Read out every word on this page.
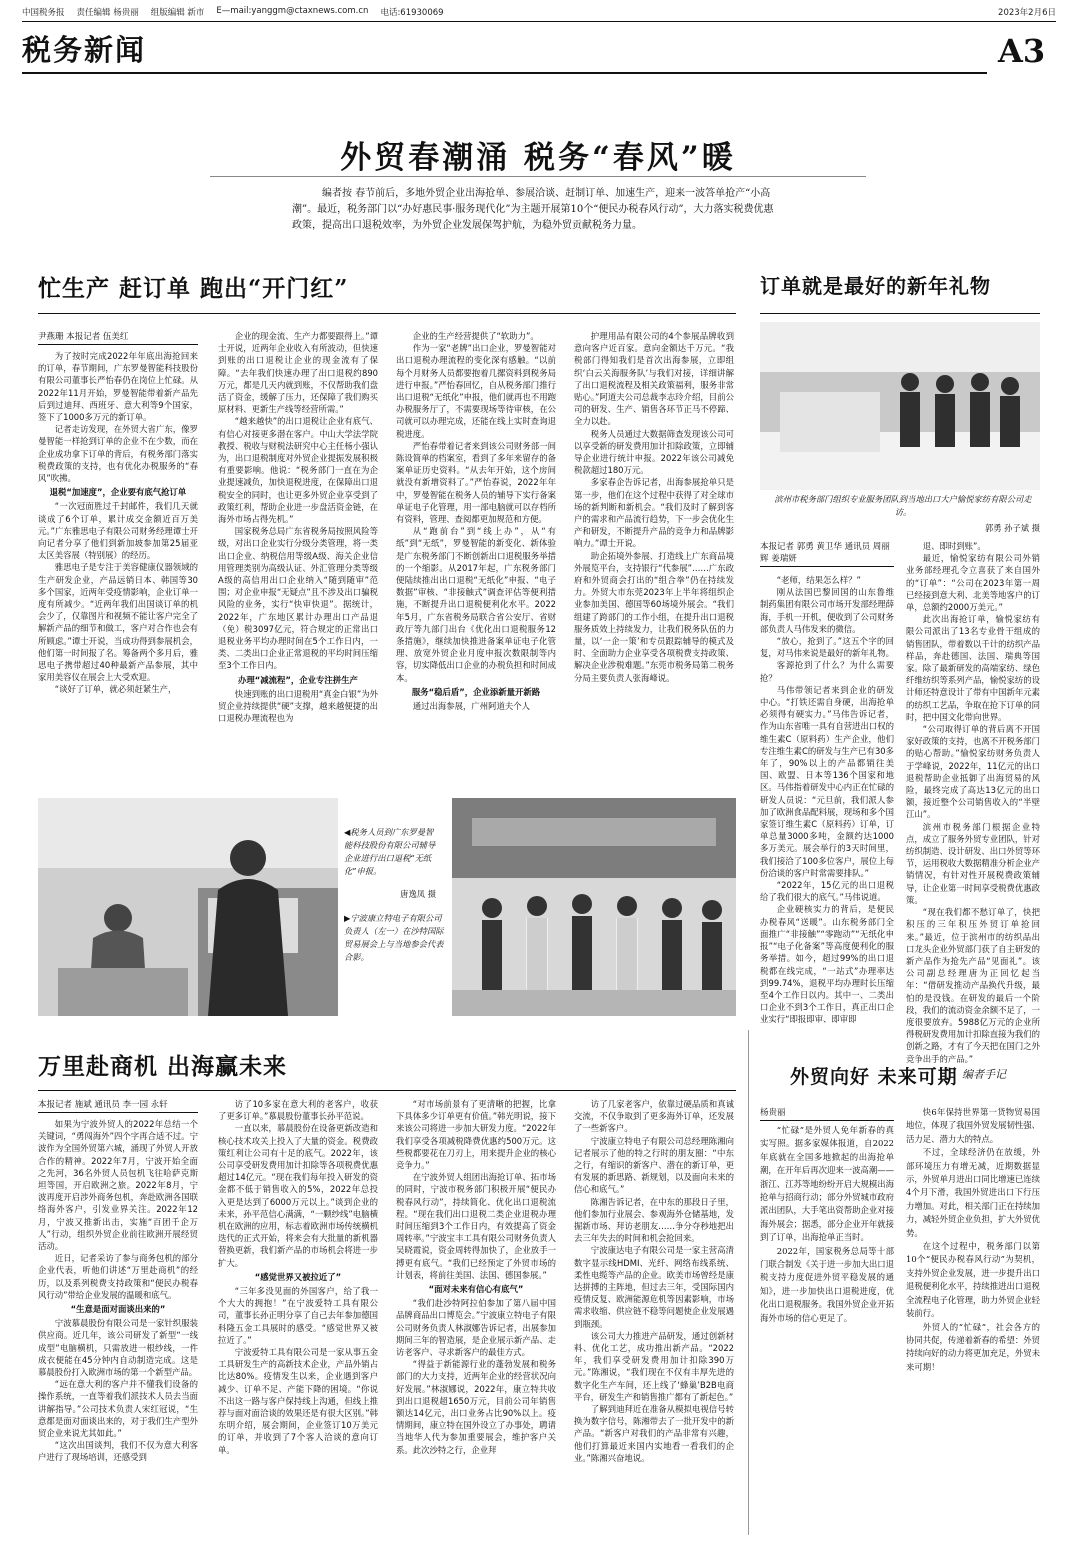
中国税务报 责任编辑 杨贵丽 组版编辑 新市 E—mail:yanggm@ctaxnews.com.cn 电话:61930069	2023年2月6日
税务新闻	A3
外贸春潮涌 税务“春风”暖
编者按 春节前后，多地外贸企业出海抢单、参展洽谈、赶制订单、加速生产，迎来一波答单抢产“小高潮”。最近，税务部门以“办好惠民事·服务现代化”为主题开展第10个“便民办税春风行动”，大力落实税费优惠政策，提高出口退税效率，为外贸企业发展保驾护航，为稳外贸贡献税务力量。
忙生产 赶订单 跑出“开门红”
尹燕珊 本报记者 伍美红

为了按时完成2022年年底出海抢回来的订单，春节期间，广东罗曼智能科技股份有限公司董事长严怡春仍在岗位上忙碌。从2022年11月开始，罗曼智能带着新产品先后到过迪拜、西班牙、意大利等9个国家，签下了1000多万元的新订单。

记者走访发现，在外贸大省广东，像罗曼智能一样抢到订单的企业不在少数，而在企业成功拿下订单的背后，有税务部门落实税费政策的支持，也有优化办税服务的“春风”吹拂。

退税“加速度”，企业要有底气抢订单

“一次冠面胜过千封邮件，我们几天就谈成了6个订单，累计成交金额近百万美元。”广东雅思电子有限公司财务经理谭士开向记者分享了他们到新加坡参加第25届亚太区美容展（特别展）的经历。

雅思电子是专注于美容健康仪器领域的生产研发企业，产品远销日本、韩国等30多个国家，近两年受疫情影响，企业订单一度有所减少。“近两年我们出国谈订单的机会少了，仅靠图片和视频不能让客户完全了解新产品的细节和做工，客户对合作也会有所顾虑。”谭士开说，当成功得到参展机会，他们第一时间报了名。筹备两个多月后，雅思电子携带超过40种最新产品参展，其中家用美容仪在展会上大受欢迎。

“谈好了订单，就必须赶紧生产，

企业的现金流、生产力都要跟得上。”谭士开说，近两年企业收入有所波动，但快速到账的出口退税让企业的现金流有了保障。“去年我们快速办理了出口退税约890万元，都是几天内就到账，不仅帮助我们盘活了资金，缓解了压力，还保障了我们购买原材料、更新生产线等经营所需。”

“越来越快”的出口退税让企业有底气、有信心对接更多潜在客户。中山大学法学院教授、税收与财税法研究中心主任杨小强认为，出口退税制度对外贸企业提振发展积极有重要影响。他说：“税务部门一直在为企业提速减负，加快退税进度，在保障出口退税安全的同时，也让更多外贸企业享受到了政策红利，帮助企业进一步盘活资金链，在海外市场占得先机。”

国家税务总局广东省税务局按照风险等级，对出口企业实行分级分类管理，将一类出口企业、纳税信用等级A级、海关企业信用管理类别为高级认证、外汇管理分类等级A级的高信用出口企业纳入“随到随审”范围；对企业申报“无疑点”且不涉及出口骗税风险的业务，实行“快审快退”。据统计，2022年，广东地区累计办理出口产品退（免）税3097亿元，符合规定的正常出口退税业务平均办理时间在5个工作日内，一类、二类出口企业正常退税的平均时间压缩至3个工作日内。

办理“减流程”，企业专注拼生产

快速到账的出口退税用“真金白银”为外贸企业持续提供“硬”支撑，越来越便捷的出口退税办理流程也为

企业的生产经营提供了“软助力”。

作为一家“老牌”出口企业，罗曼智能对出口退税办理流程的变化深有感触。“以前每个月财务人员都要抱着几摞资料到税务局进行申报。”严怡春回忆，自从税务部门推行出口退税“无纸化”申报，他们就再也不用跑办税服务厅了，不需要现场等待审核，在公司就可以办理完成，还能在线上实时查询退税进度。

严怡春带着记者来到该公司财务部一间陈设简单的档案室，看到了多年来留存的备案单证历史资料。“从去年开始，这个房间就没有新增资料了。”严怡春说，2022年年中，罗曼智能在税务人员的辅导下实行备案单证电子化管理，用一部电脑就可以存档所有资料，管理、查阅都更加规范和方便。

从“跑前台”到“线上办”，从“有纸”到“无纸”，罗曼智能的新变化、新体验是广东税务部门不断创新出口退税服务举措的一个缩影。从2017年起，广东税务部门便陆续推出出口退税“无纸化”申报、“电子数据”审核、“非接触式”调查评估等便利措施，不断提升出口退税便利化水平。2022年5月，广东省税务局联合省公安厅、省财政厅等九部门出台《优化出口退税服务12条措施》，继续加快推进备案单证电子化管理、放宽外贸企业月度申报次数限制等内容，切实降低出口企业的办税负担和时间成本。

服务“稳后盾”，企业添新量开新路

通过出海参展，广州阿道夫个人

护理用品有限公司的4个参展品牌收到意向客户近百家。意向金额达千万元。“我税部门得知我们是首次出海参展，立即组织‘白云关海服务队’与我们对接，详细讲解了出口退税流程及相关政策福利，服务非常贴心。”阿道夫公司总裁李志玲介绍，目前公司的研发、生产、销售各环节正马不停蹄、全力以赴。

税务人员通过大数据筛查发现该公司可以享受新的研发费用加计扣除政策，立即辅导企业进行统计申报。2022年该公司减免税款超过180万元。

多家春企告诉记者，出海参展抢单只是第一步，他们在这个过程中获得了对全球市场的新判断和新机会。“我们及时了解到客户的需求和产品流行趋势，下一步会优化生产和研发，不断提升产品的竞争力和品牌影响力。”谭士开说。

助企拓境外参展、打造线上广东商品境外展览平台，支持银行“代参展”……广东政府和外贸商会打出的“组合拳”仍在持续发力。外贸大市东莞2023年上半年将组织企业参加美国、德国等60场境外展会。“我们组建了跨部门的工作小组，在提升出口退税服务质效上持续发力，让我们税务队伍的力量，以‘一企一策’和专员跟踪辅导的模式及时、全面助力企业享受各项税费支持政策、解决企业涉税难题。”东莞市税务局第二税务分局主要负责人张海峰说。

◀税务人员到广东罗曼智能科技股份有限公司辅导企业进行出口退税“无纸化”申报。
唐逸凤 摄
▶宁波康立特电子有限公司负责人（左一）在沙特国际贸易展会上与当地参会代表合影。
订单就是最好的新年礼物
滨州市税务部门组织专业服务团队到当地出口大户愉悦家纺有限公司走访。
郭勇 孙子斌 摄
本报记者 郭勇 黄卫华 通讯员 周丽辉 姜瑞妍

“老师，结果怎么样？”

刚从法国巴黎回国的山东鲁维制药集团有限公司市场开发部经理薛海，手机一开机，便收到了公司财务部负责人马伟发来的微信。

“放心，抢到了。”这五个字的回复，对马伟来说是最好的新年礼物。

客源抢到了什么？为什么需要抢？

马伟带领记者来到企业的研发中心。“打铁还需自身硬，出海抢单必须得有硬实力。”马伟告诉记者，作为山东省唯一具有自营进出口权的维生素C（原料药）生产企业，他们专注维生素C的研发与生产已有30多年了，90%以上的产品都销往美国、欧盟、日本等136个国家和地区。马伟指着研发中心内正在忙碌的研发人员说：“元旦前，我们派人参加了欧洲食品配料展，现场和多个国家签订维生素C（原料药）订单，订单总量3000多吨，金额约达1000多万美元。展会举行的3天时间里，我们接洽了100多位客户，展位上每份洽谈的客户时常需要排队。”

“2022年，15亿元的出口退税给了我们很大的底气。”马伟说道。

企业硬核实力的背后，是便民办税春风“送暖”。山东税务部门全面推广“非接触”“零跑动”“无纸化申报”“电子化备案”等高度便利化的服务举措。如今，超过99%的出口退税都在线完成，“一站式”办理率达到99.74%，退税平均办理时长压缩至4个工作日以内。其中一、二类出口企业不到3个工作日，真正出口企业实行“即报即审、即审即

退、即时到账”。

最近，愉悦家纺有限公司外销业务部经理孔令立喜获了来自国外的“订单”：“公司在2023年第一周已经接到意大利、北美等地客户的订单，总额约2000万美元。”

此次出海抢订单，愉悦家纺有限公司派出了13名专业骨干组成的销售团队，带着数以千计的纺织产品样品，奔赴德国、法国、瑞典等国家。除了最新研发的高端家纺、绿色纤维纺织等系列产品，愉悦家纺的设计师还特意设计了带有中国新年元素的纺织工艺品，争取在抢下订单的同时，把中国文化带向世界。

“公司取得订单的背后离不开国家好政策的支持，也离不开税务部门的贴心帮助。”愉悦家纺财务负责人于学峰说，2022年，11亿元的出口退税帮助企业抵御了出海贸易的风险，最终完成了高达13亿元的出口额，接近整个公司销售收入的“半壁江山”。

滨州市税务部门根据企业特点，成立了服务外贸专业团队，针对纺织制造、设计研发、出口外贸等环节，运用税收大数据精准分析企业产销情况，有针对性开展税费政策辅导，让企业第一时间享受税费优惠政策。

“现在我们都不愁订单了，快把积压的三年积压外贸订单抢回来。”最近，位于滨州市的纺织品出口龙头企业外贸部门获了自主研发的新产品作为抢先产品“见面礼”。该公司副总经理唐为正回忆起当年：“借研发推动产品换代升级，最怕的是没钱。在研发的最后一个阶段，我们的流动资金余额不足了，一度很要放弃。5988亿万元的企业所得税研发费用加计扣除直接为我们的创新之路，才有了今天把在国门之外竞争出手的产品。”

外贸向好 未来可期 编者手记
杨贵丽

“忙碌”是外贸人免年新春的真实写照。据多家媒体报道，自2022年底就在全国多地掀起的出海抢单潮，在开年后再次迎来一波高潮——浙江、江苏等地纷纷开启大规模出海抢单与招商行动；部分外贸城市政府派出团队，大手笔出资帮助企业对接海外展会；据悉，部分企业开年就接到了订单，出海抢单正当时。

2022年，国家税务总局等十部门联合制发《关于进一步加大出口退税支持力度促进外贸平稳发展的通知》，进一步加快出口退税进度，优化出口退税服务。我国外贸企业开拓海外市场的信心更足了。

快6年保持世界第一货物贸易国地位，体现了我国外贸发展韧性强、活力足、潜力大的特点。

不过，全球经济仍在放缓，外部环境压力有增无减，近期数据显示，外贸单月进出口同比增速已连续4个月下滑，我国外贸进出口下行压力增加。对此，相关部门正在持续加力，减轻外贸企业负担，扩大外贸优势。

在这个过程中，税务部门以第10个“便民办税春风行动”为契机，支持外贸企业发展，进一步提升出口退税便利化水平，持续推进出口退税全流程电子化管理，助力外贸企业轻装前行。

外贸人的“忙碌”，社会各方的协同共促，传递着新春的希望：外贸持续向好的动力将更加充足，外贸未来可期！

万里赴商机 出海赢未来
本报记者 施斌 通讯员 李一园 永轩

如果为宁波外贸人的2022年总结一个关键词，“勇闯海外”四个字再合适不过。宁波作为全国外贸第六城，涌现了外贸人开放合作的精神。2022年7月，宁波开始全面之先河，36名外贸人员包机飞往哈萨克斯坦等国，开启欧洲之旅。2022年8月，宁波再度开启涉外商务包机，奔赴欧洲各国联络海外客户，引发业界关注。2022年12月，宁波又推新出击，实施“百团千企万人”行动，组织外贸企业前往欧洲开展经贸活动。

近日，记者采访了参与商务包机的部分企业代表，听他们讲述“万里赴商机”的经历，以及系列税费支持政策和“便民办税春风行动”带给企业发展的温暖和底气。

“生意是面对面谈出来的”

宁波慕晨股份有限公司是一家针织服装供应商。近几年，该公司研发了新型“一线成型”电脑横机，只需放进一根纱线，一件成衣便能在45分钟内自动制造完成。这是慕晨股份打入欧洲市场的第一个新型产品。

“远在意大利的客户并不懂我们设备的操作系统，一直等着我们派技术人员去当面讲解指导。”公司技术负责人宋红冠说，“生意都是面对面谈出来的，对于我们生产型外贸企业来说尤其如此。”

“这次出国谈判，我们不仅为意大利客户进行了现场培训，还感受到

访了10多家在意大利的老客户，收获了更多订单。”慕晨股份董事长孙平范说。

一直以来，慕晨股份在设备更新改造和核心技术攻关上投入了大量的资金。税费政策红利让公司有十足的底气。2022年，该公司享受研发费用加计扣除等各项税费优惠超过14亿元。“现在我们每年投入研发的资金都不低于销售收入的5%，2022年总投入更是达到了6000万元以上。”谈到企业的未来，孙平范信心满满，“一颗纱线”电脑横机在欧洲的应用，标志着欧洲市场传统横机迭代的正式开始，将来会有大批量的新机器替换更新，我们新产品的市场机会将进一步扩大。

“感觉世界又被拉近了”

“三年多没见面的外国客户，给了我一个大大的拥抱！”在宁波爱特工具有限公司，董事长孙正明分享了自己去年参加德国科隆五金工具展时的感受。“感觉世界又被拉近了。”

宁波爱特工具有限公司是一家从事五金工具研发生产的高新技术企业，产品外销占比达80%。疫情发生以来，企业遇到客户减少、订单不足、产能下降的困境。“你说不出这一路与客户保持线上沟通，但线上推荐与面对面洽谈的效果还是有很大区别。”韩东明介绍，展会期间，企业签订10万美元的订单，并收到了7个客人洽谈的意向订单。

“对市场前景有了更清晰的把握，比拿下具体多少订单更有价值。”韩光明说，接下来该公司将进一步加大研发力度。“2022年我们享受各项减税降费优惠约500万元。这些税都要花在刀刃上，用来提升企业的核心竞争力。”

在宁波外贸人组团出海抢订单、拓市场的同时，宁波市税务部门积极开展“便民办税春风行动”，持续简化、优化出口退税流程。“现在我们出口退税二类企业退税办理时间压缩到3个工作日内，有效提高了资金周转率。”宁波宝丰工具有限公司财务负责人吴晓霞说，资金周转得加快了，企业放手一搏更有底气。“我们已经预定了外贸市场的计划表，将前往美国、法国、德国参展。”

“面对未来有信心有底气”

“我们赴沙特阿拉伯参加了第八届中国品牌商品出口博览会。”宁波康立特电子有限公司财务负责人林淑娜告诉记者，出展参加期间三年的智造展，是企业展示新产品、走访老客户、寻求新客户的最佳方式。

“得益于新能源行业的蓬勃发展和税务部门的大力支持，近两年企业的经营状况向好发展。”林淑娜说，2022年，康立特共收到出口退税超1650万元，目前公司年销售额达14亿元，出口业务占比90%以上。疫情期间，康立特在国外设立了办事处，聘请当地华人代为参加重要展会，维护客户关系。此次沙特之行，企业拜

访了几家老客户，依靠过硬品质和真诚交流，不仅争取到了更多海外订单，还发展了一些新客户。

宁波康立特电子有限公司总经理陈湘向记者展示了他的特之行时的朋友圈：“中东之行，有缩识的新客户、潜在的新订单，更有发展的新思路、新规划，以及面向未来的信心和底气。”

陈湘告诉记者，在中东的那段日子里，他们参加行业展会、参观海外仓储基地，发掘新市场、拜访老朋友……争分夺秒地把出去三年失去的时间和机会抢回来。

宁波康达电子有限公司是一家主营高清数字显示线HDMI、光纤、网络布线系统、柔性电缆等产品的企业。欧美市场曾经是康达拼搏的主阵地，但过去三年，受国际国内疫情反复、欧洲能源危机等因素影响，市场需求收缩、供应链不稳等问题使企业发展遇到瓶颈。

该公司大力推进产品研发，通过创新材料、优化工艺，成功推出新产品。“2022年，我们享受研发费用加计扣除390万元。”陈湘说，“我们现在不仅有丰厚先进的数字化生产车间，还上线了‘蜂巢’B2B电商平台，研发生产和销售推广都有了新起色。”

了解到迪拜近在准备从模拟电视信号转换为数字信号，陈湘带去了一批开发中的新产品。“新客户对我们的产品非常有兴趣，他们打算最近来国内实地看一看我们的企业。”陈湘兴奋地说。
